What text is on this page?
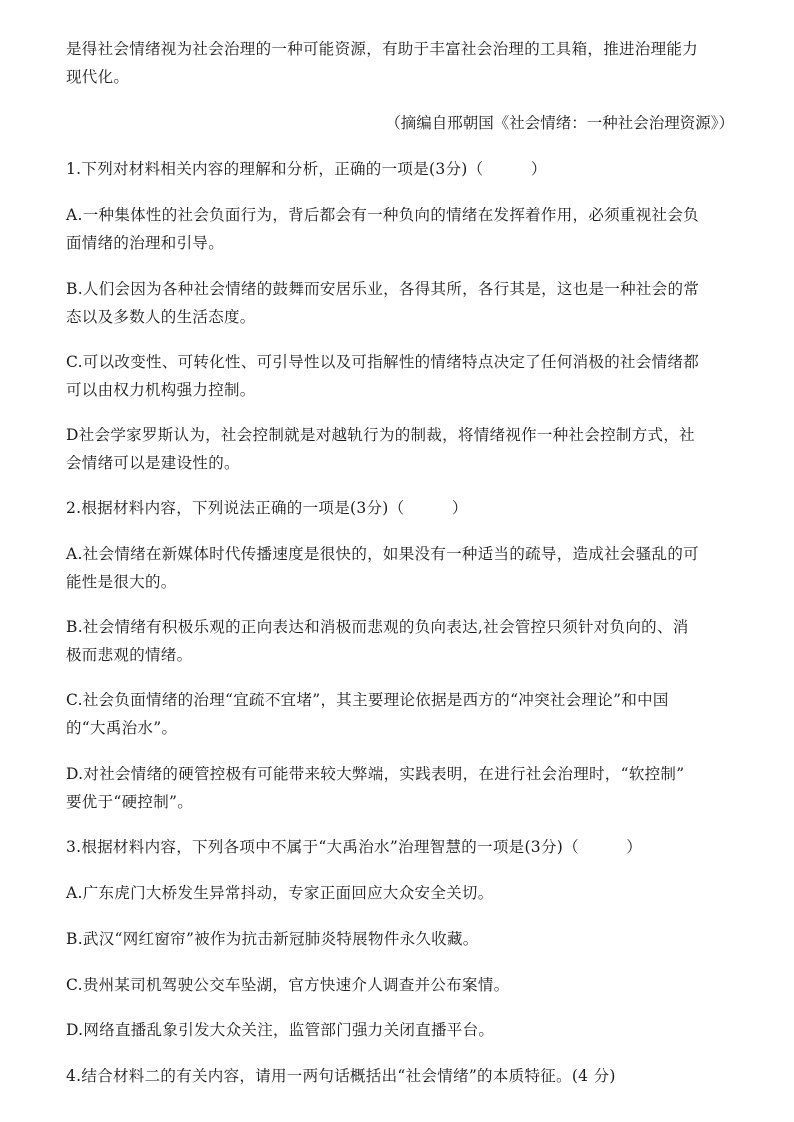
是得社会情绪视为社会治理的一种可能资源，有助于丰富社会治理的工具箱，推进治理能力
现代化。
（摘编自邢朝国《社会情绪：一种社会治理资源》）
1.下列对材料相关内容的理解和分析，正确的一项是(3分)（　　　）
A.一种集体性的社会负面行为，背后都会有一种负向的情绪在发挥着作用，必须重视社会负
面情绪的治理和引导。
B.人们会因为各种社会情绪的鼓舞而安居乐业，各得其所，各行其是，这也是一种社会的常
态以及多数人的生活态度。
C.可以改变性、可转化性、可引导性以及可指解性的情绪特点决定了任何消极的社会情绪都
可以由权力机构强力控制。
D社会学家罗斯认为，社会控制就是对越轨行为的制裁，将情绪视作一种社会控制方式，社
会情绪可以是建设性的。
2.根据材料内容，下列说法正确的一项是(3分)（　　　）
A.社会情绪在新媒体时代传播速度是很快的，如果没有一种适当的疏导，造成社会骚乱的可
能性是很大的。
B.社会情绪有积极乐观的正向表达和消极而悲观的负向表达,社会管控只须针对负向的、消
极而悲观的情绪。
C.社会负面情绪的治理“宜疏不宜堵”，其主要理论依据是西方的“冲突社会理论”和中国
的“大禹治水”。
D.对社会情绪的硬管控极有可能带来较大弊端，实践表明，在进行社会治理时，“软控制”
要优于“硬控制”。
3.根据材料内容，下列各项中不属于“大禹治水”治理智慧的一项是(3分)（　　　）
A.广东虎门大桥发生异常抖动，专家正面回应大众安全关切。
B.武汉“网红窗帘”被作为抗击新冠肺炎特展物件永久收藏。
C.贵州某司机驾驶公交车坠湖，官方快速介人调查并公布案情。
D.网络直播乱象引发大众关注，监管部门强力关闭直播平台。
4.结合材料二的有关内容，请用一两句话概括出“社会情绪”的本质特征。(4 分)
